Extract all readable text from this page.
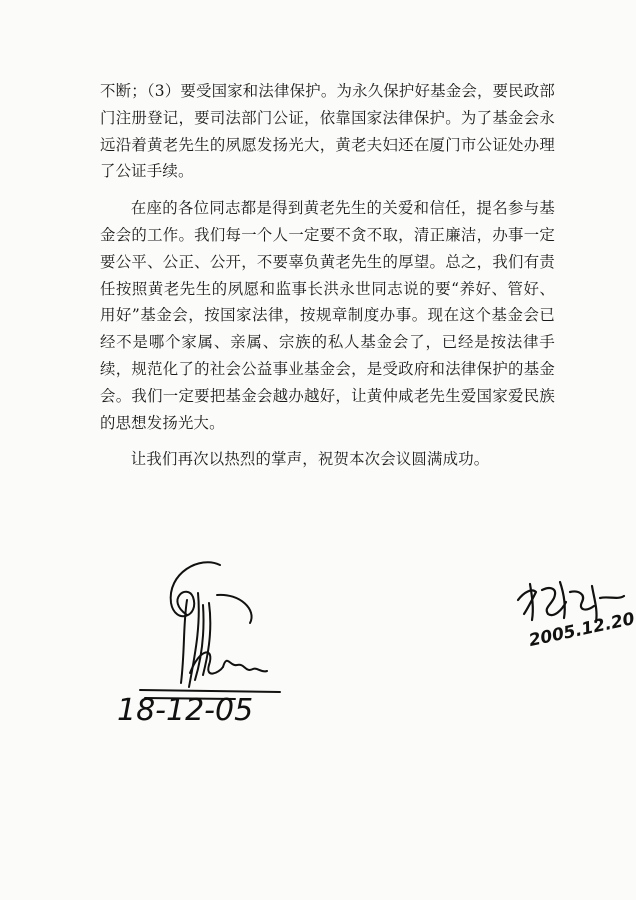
不断；（3）要受国家和法律保护。为永久保护好基金会，要民政部门注册登记，要司法部门公证，依靠国家法律保护。为了基金会永远沿着黄老先生的夙愿发扬光大，黄老夫妇还在厦门市公证处办理了公证手续。

在座的各位同志都是得到黄老先生的关爱和信任，提名参与基金会的工作。我们每一个人一定要不贪不取，清正廉洁，办事一定要公平、公正、公开，不要辜负黄老先生的厚望。总之，我们有责任按照黄老先生的夙愿和监事长洪永世同志说的要“养好、管好、用好”基金会，按国家法律，按规章制度办事。现在这个基金会已经不是哪个家属、亲属、宗族的私人基金会了，已经是按法律手续，规范化了的社会公益事业基金会，是受政府和法律保护的基金会。我们一定要把基金会越办越好，让黄仲咸老先生爱国家爱民族的思想发扬光大。

让我们再次以热烈的掌声，祝贺本次会议圆满成功。

18-12-05
2005.12.20
